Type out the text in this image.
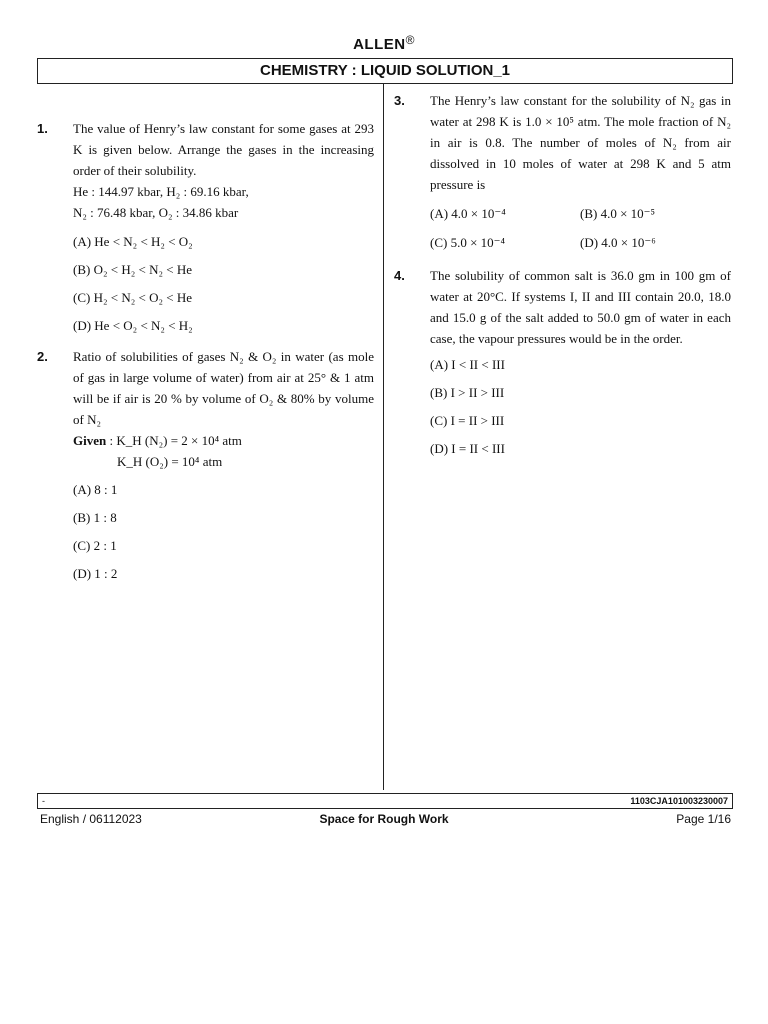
ALLEN®
CHEMISTRY : LIQUID SOLUTION_1
1. The value of Henry’s law constant for some gases at 293 K is given below. Arrange the gases in the increasing order of their solubility.
He : 144.97 kbar, H₂ : 69.16 kbar,
N₂ : 76.48 kbar, O₂ : 34.86 kbar
(A) He < N₂ < H₂ < O₂
(B) O₂ < H₂ < N₂ < He
(C) H₂ < N₂ < O₂ < He
(D) He < O₂ < N₂ < H₂
2. Ratio of solubilities of gases N₂ & O₂ in water (as mole of gas in large volume of water) from air at 25° & 1 atm will be if air is 20 % by volume of O₂ & 80% by volume of N₂
Given : K_H (N₂) = 2 × 10⁴ atm
K_H (O₂) = 10⁴ atm
(A) 8 : 1
(B) 1 : 8
(C) 2 : 1
(D) 1 : 2
3. The Henry’s law constant for the solubility of N₂ gas in water at 298 K is 1.0 × 10⁵ atm. The mole fraction of N₂ in air is 0.8. The number of moles of N₂ from air dissolved in 10 moles of water at 298 K and 5 atm pressure is
(A) 4.0 × 10⁻⁴	(B) 4.0 × 10⁻⁵
(C) 5.0 × 10⁻⁴	(D) 4.0 × 10⁻⁶
4. The solubility of common salt is 36.0 gm in 100 gm of water at 20°C. If systems I, II and III contain 20.0, 18.0 and 15.0 g of the salt added to 50.0 gm of water in each case, the vapour pressures would be in the order.
(A) I < II < III
(B) I > II > III
(C) I = II > III
(D) I = II < III
-	1103CJA101003230007
English / 06112023	Space for Rough Work	Page 1/16
